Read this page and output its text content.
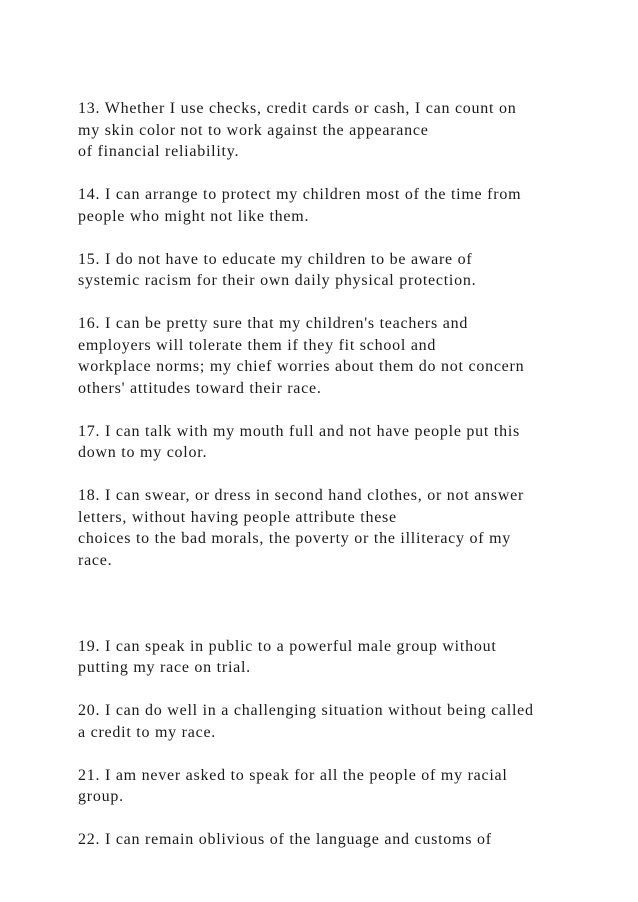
13. Whether I use checks, credit cards or cash, I can count on
my skin color not to work against the appearance
of financial reliability.

14. I can arrange to protect my children most of the time from
people who might not like them.

15. I do not have to educate my children to be aware of
systemic racism for their own daily physical protection.

16. I can be pretty sure that my children's teachers and
employers will tolerate them if they fit school and
workplace norms; my chief worries about them do not concern
others' attitudes toward their race.

17. I can talk with my mouth full and not have people put this
down to my color.

18. I can swear, or dress in second hand clothes, or not answer
letters, without having people attribute these
choices to the bad morals, the poverty or the illiteracy of my
race.

19. I can speak in public to a powerful male group without
putting my race on trial.

20. I can do well in a challenging situation without being called
a credit to my race.

21. I am never asked to speak for all the people of my racial
group.

22. I can remain oblivious of the language and customs of
